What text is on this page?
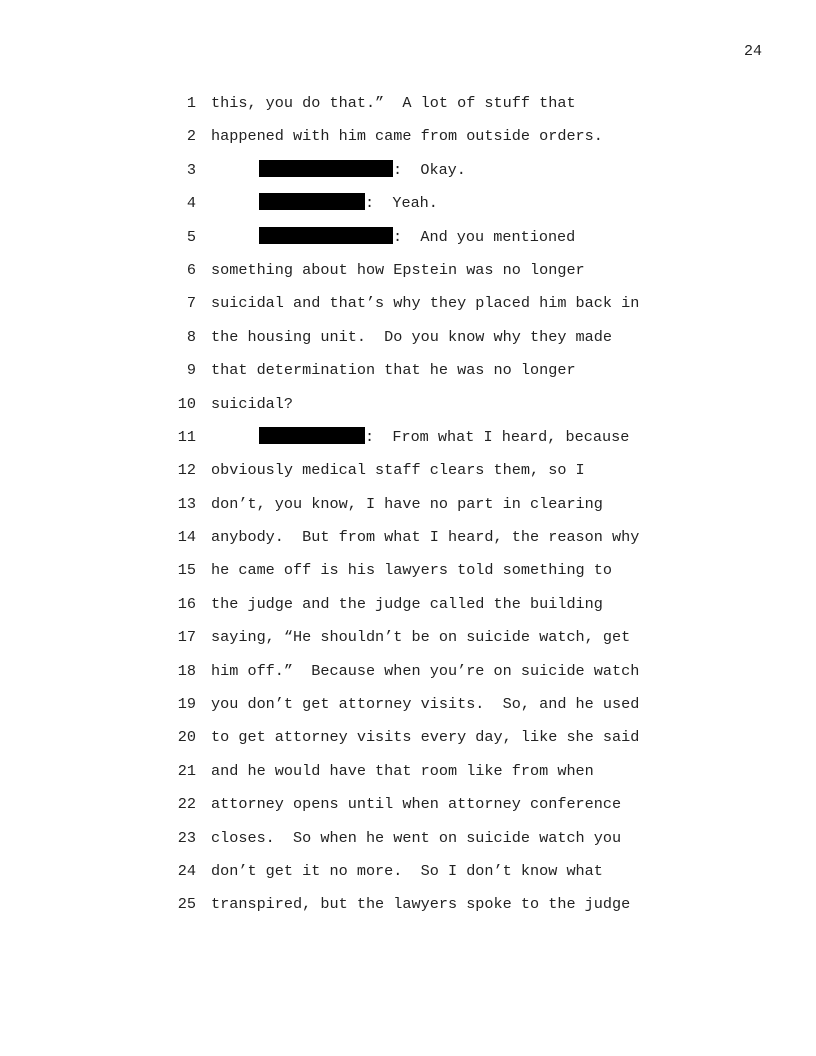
24
1 this, you do that.”  A lot of stuff that
2 happened with him came from outside orders.
3	:  Okay.
4	:  Yeah.
5	:  And you mentioned
6 something about how Epstein was no longer
7 suicidal and that’s why they placed him back in
8 the housing unit.  Do you know why they made
9 that determination that he was no longer
10 suicidal?
11	:  From what I heard, because
12 obviously medical staff clears them, so I
13 don’t, you know, I have no part in clearing
14 anybody.  But from what I heard, the reason why
15 he came off is his lawyers told something to
16 the judge and the judge called the building
17 saying, “He shouldn’t be on suicide watch, get
18 him off.”  Because when you’re on suicide watch
19 you don’t get attorney visits.  So, and he used
20 to get attorney visits every day, like she said
21 and he would have that room like from when
22 attorney opens until when attorney conference
23 closes.  So when he went on suicide watch you
24 don’t get it no more.  So I don’t know what
25 transpired, but the lawyers spoke to the judge
